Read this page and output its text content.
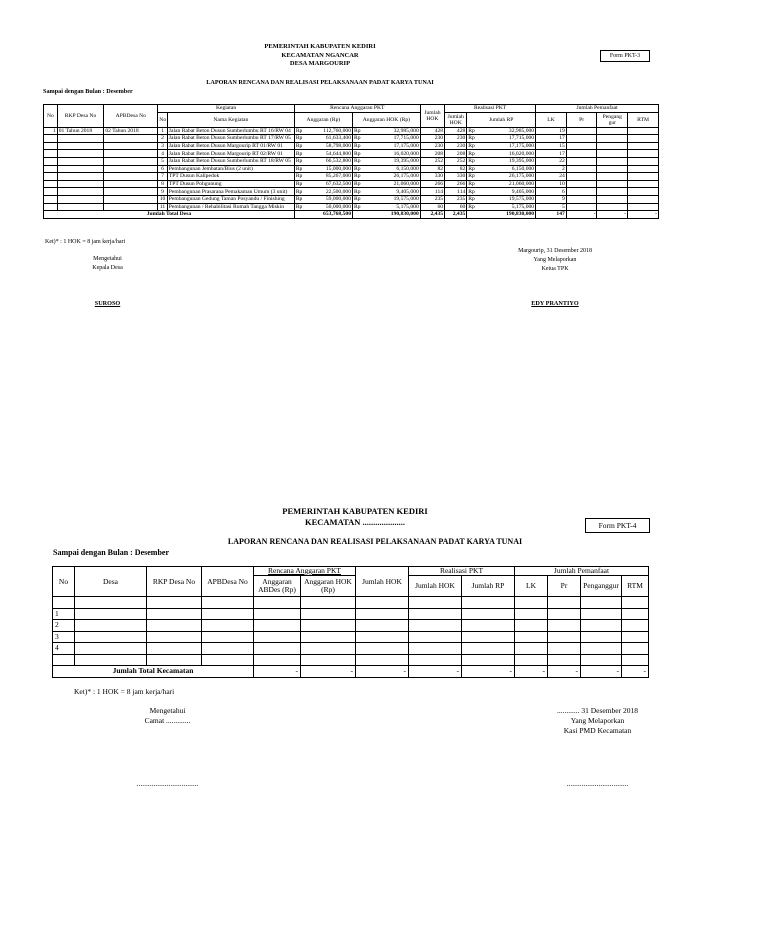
PEMERINTAH KABUPATEN KEDIRI
KECAMATAN NGANCAR
DESA MARGOURIP
Form PKT-3
LAPORAN RENCANA DAN REALISASI PELAKSANAAN PADAT KARYA TUNAI
Sampai dengan Bulan : Desember
No	RKP Desa No	APBDesa No	Kegiatan		Rencana Anggaran PKT				Jumlah HOK	Realisasi PKT			Jumlah Pemanfaat			
			No	Nama Kegiatan	Anggaran (Rp)		Anggaran HOK (Rp)			Jumlah HOK	Jumlah RP		LK	Pr	Pengang gur	RTM
1	01 Tahun 2018	02 Tahun 2018	1	Jalan Rabat Beton Dusun Sumberlumbu RT 16/RW 04	Rp	112,760,000	Rp	32,985,000	428	428	Rp	32,985,000	19			
			2	Jalan Rabat Beton Dusun Sumberlumbu RT 17/RW 05	Rp	61,633,400	Rp	17,715,000	230	230	Rp	17,715,000	17			
			3	Jalan Rabat Beton Dusun Margourip RT 01/RW 01	Rp	58,798,000	Rp	17,175,000	230	230	Rp	17,175,000	15			
			4	Jalan Rabat Beton Dusun Margourip RT 02/RW 01	Rp	54,644,800	Rp	16,020,000	208	208	Rp	16,020,000	17			
			5	Jalan Rabat Beton Dusun Sumberlumbu RT 18/RW 05	Rp	66,532,800	Rp	19,395,000	252	252	Rp	19,395,000	22			
			6	Pembangunan Jembatan/Bius (2 unit)	Rp	15,000,000	Rp	6,150,000	82	82	Rp	6,150,000	2			
			7	TPT Dusun Kalipedok	Rp	85,267,000	Rp	26,175,000	330	330	Rp	26,175,000	24			
			8	TPT Dusun Pohgunung	Rp	67,632,500	Rp	21,060,000	266	266	Rp	21,060,000	10			
			9	Pembangunan Prasarana Pemakaman Umum (3 unit)	Rp	22,500,000	Rp	9,405,000	114	114	Rp	9,405,000	6			
			10	Pembangunan Gedung Taman Posyandu / Finishing	Rp	59,000,000	Rp	19,575,000	235	235	Rp	19,575,000	9			
			11	Pembangunan / Rehabilitasi Rumah Tangga Miskin	Rp	50,000,000	Rp	5,175,000	60	60	Rp	5,175,000	5			
Jumlah Total Desa						653,768,500		190,830,000	2,435	2,435		190,830,000	147	-	-	-
Ket)* : 1 HOK = 8 jam kerja/hari
Mengetahui
Kepala Desa
SUROSO
Margourip, 31 Desember 2018
Yang Melaporkan
Ketua TPK
EDY PRANTIYO
PEMERINTAH KABUPATEN KEDIRI
KECAMATAN ....................	Form PKT-4
LAPORAN RENCANA DAN REALISASI PELAKSANAAN PADAT KARYA TUNAI
Sampai dengan Bulan : Desember
No	Desa	RKP Desa No	APBDesa No	Rencana Anggaran PKT		Jumlah HOK	Realisasi PKT		Jumlah Pemanfaat			
				Anggaran ABDes (Rp)	Anggaran HOK (Rp)		Jumlah HOK	Jumlah RP	LK	Pr	Penganggur	RTM

1												
2												
3												
4												

Jumlah Total Kecamatan				-	-	-	-	-	-	-	-	-
Ket)* : 1 HOK = 8 jam kerja/hari
Mengetahui
Camat .............
.................................
............ 31 Desember 2018
Yang Melaporkan
Kasi PMD Kecamatan
.................................
